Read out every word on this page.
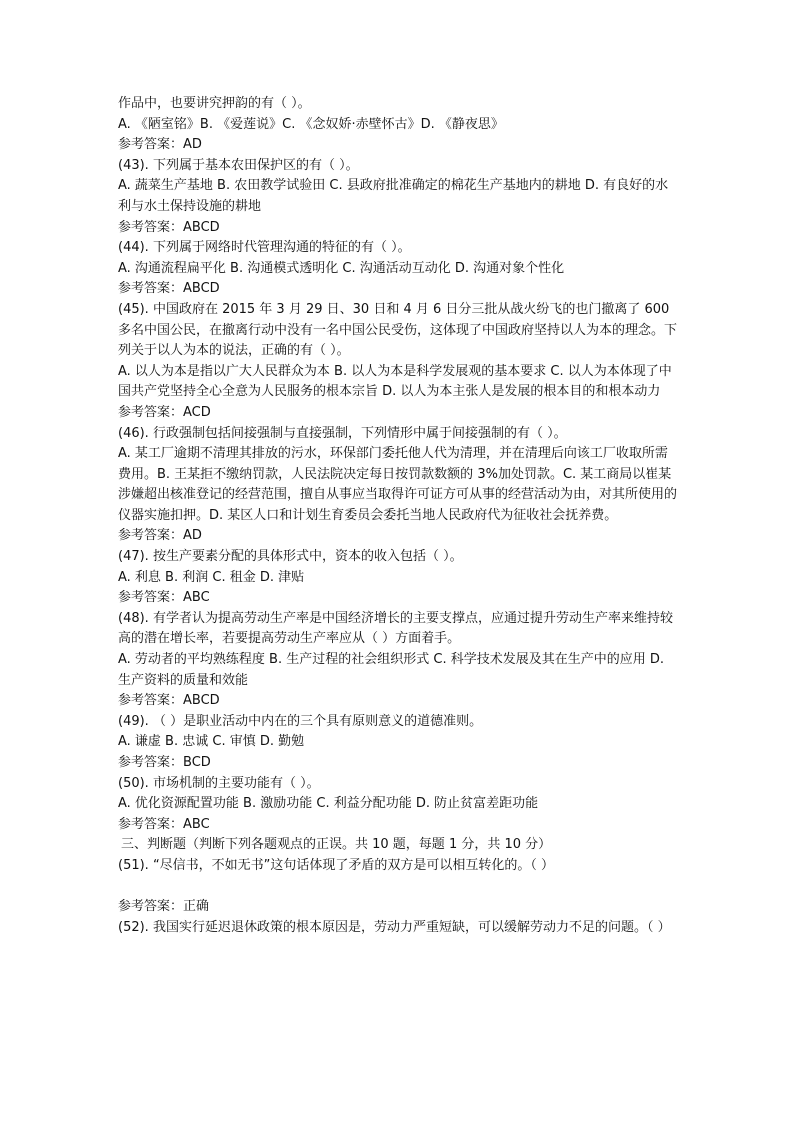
作品中，也要讲究押韵的有（ ）。

A. 《陋室铭》B. 《爱莲说》C. 《念奴娇·赤壁怀古》D. 《静夜思》

参考答案：AD

(43). 下列属于基本农田保护区的有（ ）。

A. 蔬菜生产基地 B. 农田教学试验田 C. 县政府批准确定的棉花生产基地内的耕地 D. 有良好的水利与水土保持设施的耕地

参考答案：ABCD

(44). 下列属于网络时代管理沟通的特征的有（ ）。

A. 沟通流程扁平化 B. 沟通模式透明化 C. 沟通活动互动化 D. 沟通对象个性化

参考答案：ABCD

(45). 中国政府在 2015 年 3 月 29 日、30 日和 4 月 6 日分三批从战火纷飞的也门撤离了 600 多名中国公民，在撤离行动中没有一名中国公民受伤，这体现了中国政府坚持以人为本的理念。下列关于以人为本的说法，正确的有（ ）。

A. 以人为本是指以广大人民群众为本 B. 以人为本是科学发展观的基本要求 C. 以人为本体现了中国共产党坚持全心全意为人民服务的根本宗旨 D. 以人为本主张人是发展的根本目的和根本动力

参考答案：ACD

(46). 行政强制包括间接强制与直接强制，下列情形中属于间接强制的有（ ）。

A. 某工厂逾期不清理其排放的污水，环保部门委托他人代为清理，并在清理后向该工厂收取所需费用。B. 王某拒不缴纳罚款，人民法院决定每日按罚款数额的 3%加处罚款。C. 某工商局以崔某涉嫌超出核准登记的经营范围，擅自从事应当取得许可证方可从事的经营活动为由，对其所使用的仪器实施扣押。D. 某区人口和计划生育委员会委托当地人民政府代为征收社会抚养费。

参考答案：AD

(47). 按生产要素分配的具体形式中，资本的收入包括（ ）。

A. 利息 B. 利润 C. 租金 D. 津贴

参考答案：ABC

(48). 有学者认为提高劳动生产率是中国经济增长的主要支撑点，应通过提升劳动生产率来维持较高的潜在增长率，若要提高劳动生产率应从（ ）方面着手。

A. 劳动者的平均熟练程度 B. 生产过程的社会组织形式 C. 科学技术发展及其在生产中的应用 D. 生产资料的质量和效能

参考答案：ABCD

(49). （ ）是职业活动中内在的三个具有原则意义的道德准则。

A. 谦虚 B. 忠诚 C. 审慎 D. 勤勉

参考答案：BCD

(50). 市场机制的主要功能有（ ）。

A. 优化资源配置功能 B. 激励功能 C. 利益分配功能 D. 防止贫富差距功能

参考答案：ABC

三、判断题（判断下列各题观点的正误。共 10 题，每题 1 分，共 10 分）

(51). “尽信书，不如无书”这句话体现了矛盾的双方是可以相互转化的。（ ）

参考答案：正确

(52). 我国实行延迟退休政策的根本原因是，劳动力严重短缺，可以缓解劳动力不足的问题。（ ）
